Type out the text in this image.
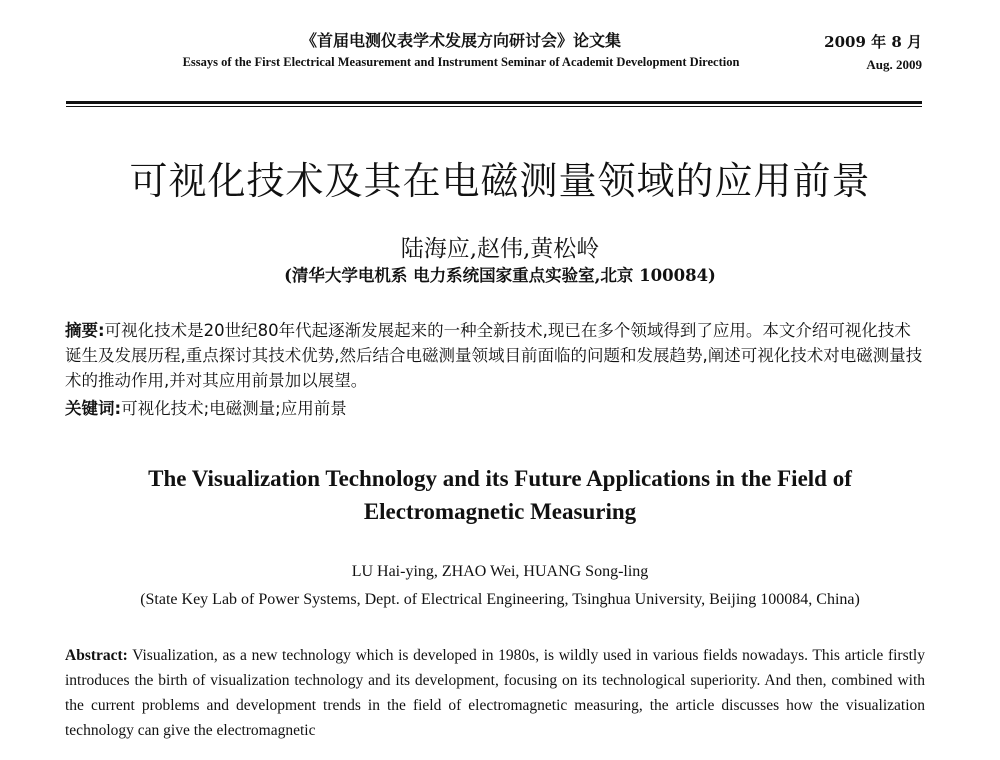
《首届电测仪表学术发展方向研讨会》论文集
Essays of the First Electrical Measurement and Instrument Seminar of Academit Development Direction
2009 年 8 月
Aug. 2009
可视化技术及其在电磁测量领域的应用前景
陆海应,赵伟,黄松岭
(清华大学电机系 电力系统国家重点实验室,北京 100084)

摘要:可视化技术是20世纪80年代起逐渐发展起来的一种全新技术,现已在多个领域得到了应用。本文介绍可视化技术诞生及发展历程,重点探讨其技术优势,然后结合电磁测量领域目前面临的问题和发展趋势,阐述可视化技术对电磁测量技术的推动作用,并对其应用前景加以展望。

关键词:可视化技术;电磁测量;应用前景

The Visualization Technology and its Future Applications in the Field of Electromagnetic Measuring
LU Hai-ying, ZHAO Wei, HUANG Song-ling
(State Key Lab of Power Systems, Dept. of Electrical Engineering, Tsinghua University, Beijing 100084, China)

Abstract: Visualization, as a new technology which is developed in 1980s, is wildly used in various fields nowadays. This article firstly introduces the birth of visualization technology and its development, focusing on its technological superiority. And then, combined with the current problems and development trends in the field of electromagnetic measuring, the article discusses how the visualization technology can give the electromagnetic
